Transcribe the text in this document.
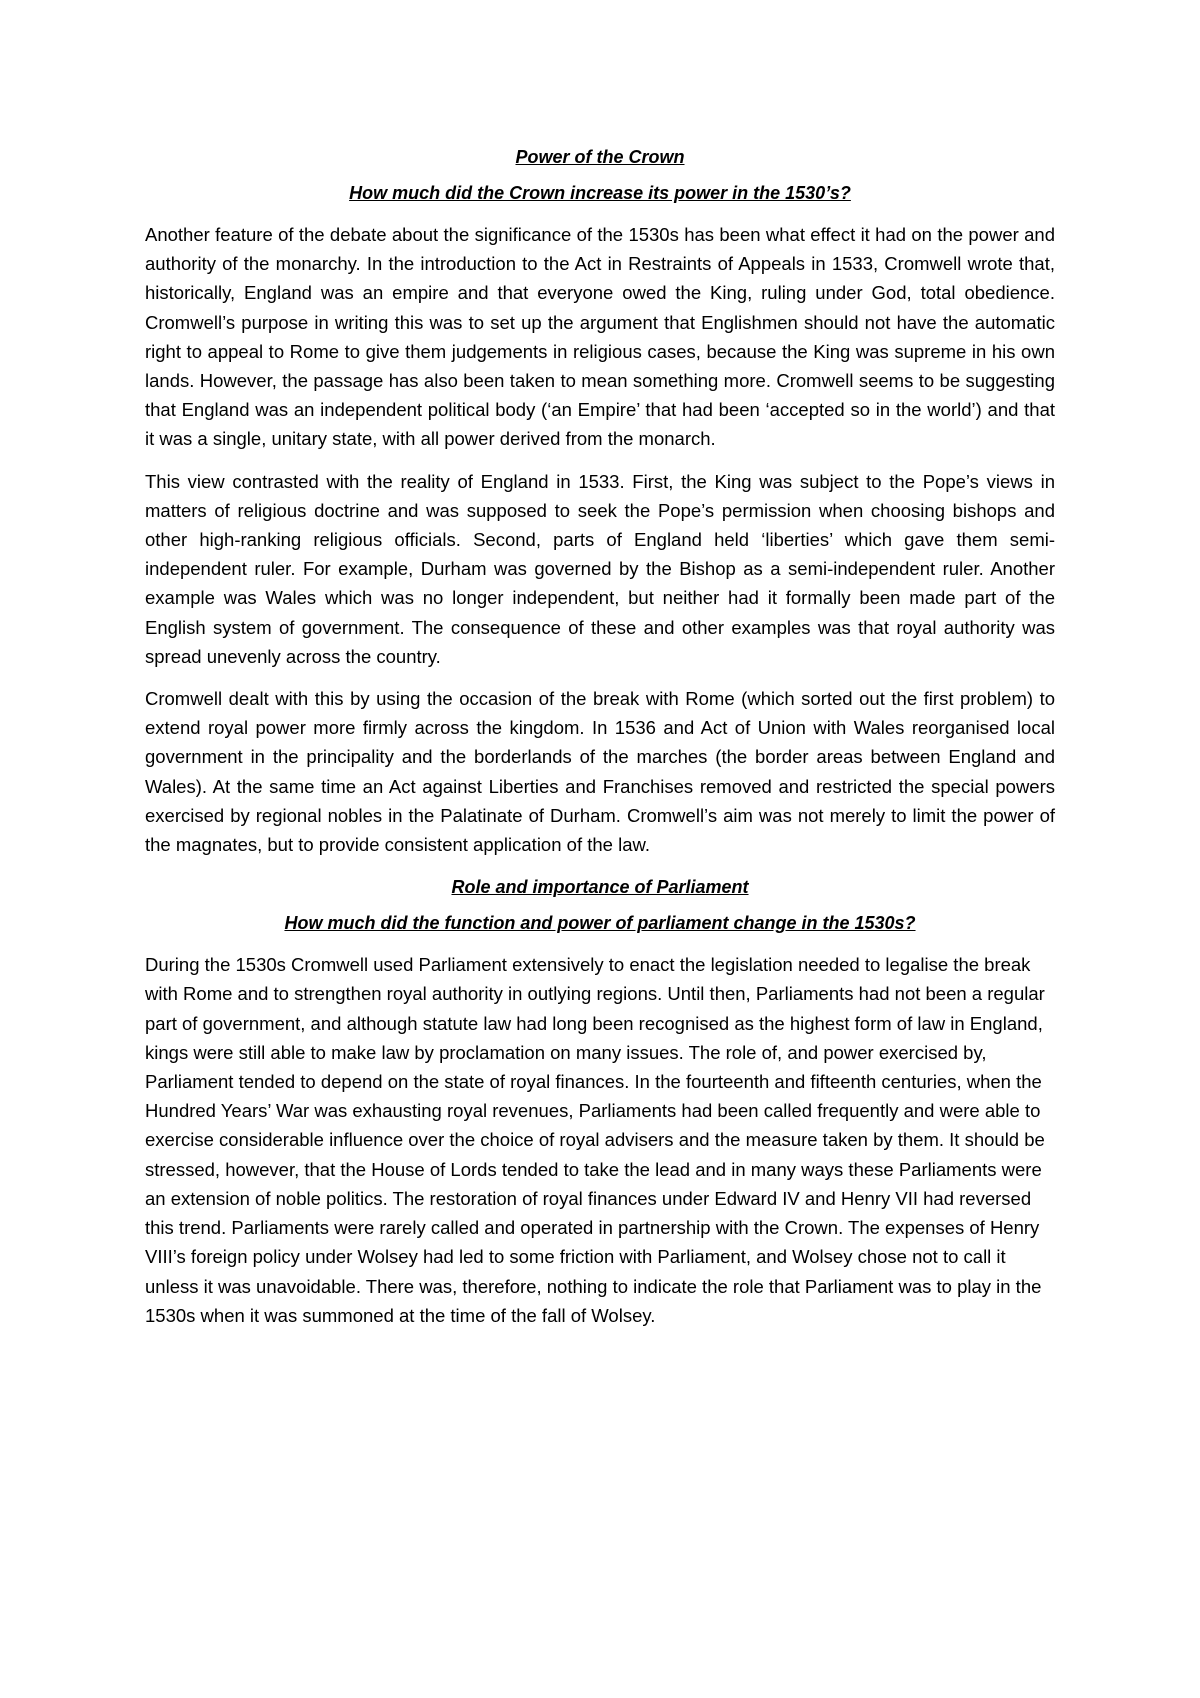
Power of the Crown
How much did the Crown increase its power in the 1530’s?

Another feature of the debate about the significance of the 1530s has been what effect it had on the power and authority of the monarchy. In the introduction to the Act in Restraints of Appeals in 1533, Cromwell wrote that, historically, England was an empire and that everyone owed the King, ruling under God, total obedience. Cromwell’s purpose in writing this was to set up the argument that Englishmen should not have the automatic right to appeal to Rome to give them judgements in religious cases, because the King was supreme in his own lands. However, the passage has also been taken to mean something more. Cromwell seems to be suggesting that England was an independent political body (‘an Empire’ that had been ‘accepted so in the world’) and that it was a single, unitary state, with all power derived from the monarch.

This view contrasted with the reality of England in 1533. First, the King was subject to the Pope’s views in matters of religious doctrine and was supposed to seek the Pope’s permission when choosing bishops and other high-ranking religious officials. Second, parts of England held ‘liberties’ which gave them semi-independent ruler. For example, Durham was governed by the Bishop as a semi-independent ruler. Another example was Wales which was no longer independent, but neither had it formally been made part of the English system of government. The consequence of these and other examples was that royal authority was spread unevenly across the country.

Cromwell dealt with this by using the occasion of the break with Rome (which sorted out the first problem) to extend royal power more firmly across the kingdom. In 1536 and Act of Union with Wales reorganised local government in the principality and the borderlands of the marches (the border areas between England and Wales). At the same time an Act against Liberties and Franchises removed and restricted the special powers exercised by regional nobles in the Palatinate of Durham. Cromwell’s aim was not merely to limit the power of the magnates, but to provide consistent application of the law.

Role and importance of Parliament
How much did the function and power of parliament change in the 1530s?

During the 1530s Cromwell used Parliament extensively to enact the legislation needed to legalise the break with Rome and to strengthen royal authority in outlying regions. Until then, Parliaments had not been a regular part of government, and although statute law had long been recognised as the highest form of law in England, kings were still able to make law by proclamation on many issues. The role of, and power exercised by, Parliament tended to depend on the state of royal finances. In the fourteenth and fifteenth centuries, when the Hundred Years’ War was exhausting royal revenues, Parliaments had been called frequently and were able to exercise considerable influence over the choice of royal advisers and the measure taken by them. It should be stressed, however, that the House of Lords tended to take the lead and in many ways these Parliaments were an extension of noble politics. The restoration of royal finances under Edward IV and Henry VII had reversed this trend. Parliaments were rarely called and operated in partnership with the Crown. The expenses of Henry VIII’s foreign policy under Wolsey had led to some friction with Parliament, and Wolsey chose not to call it unless it was unavoidable. There was, therefore, nothing to indicate the role that Parliament was to play in the 1530s when it was summoned at the time of the fall of Wolsey.
